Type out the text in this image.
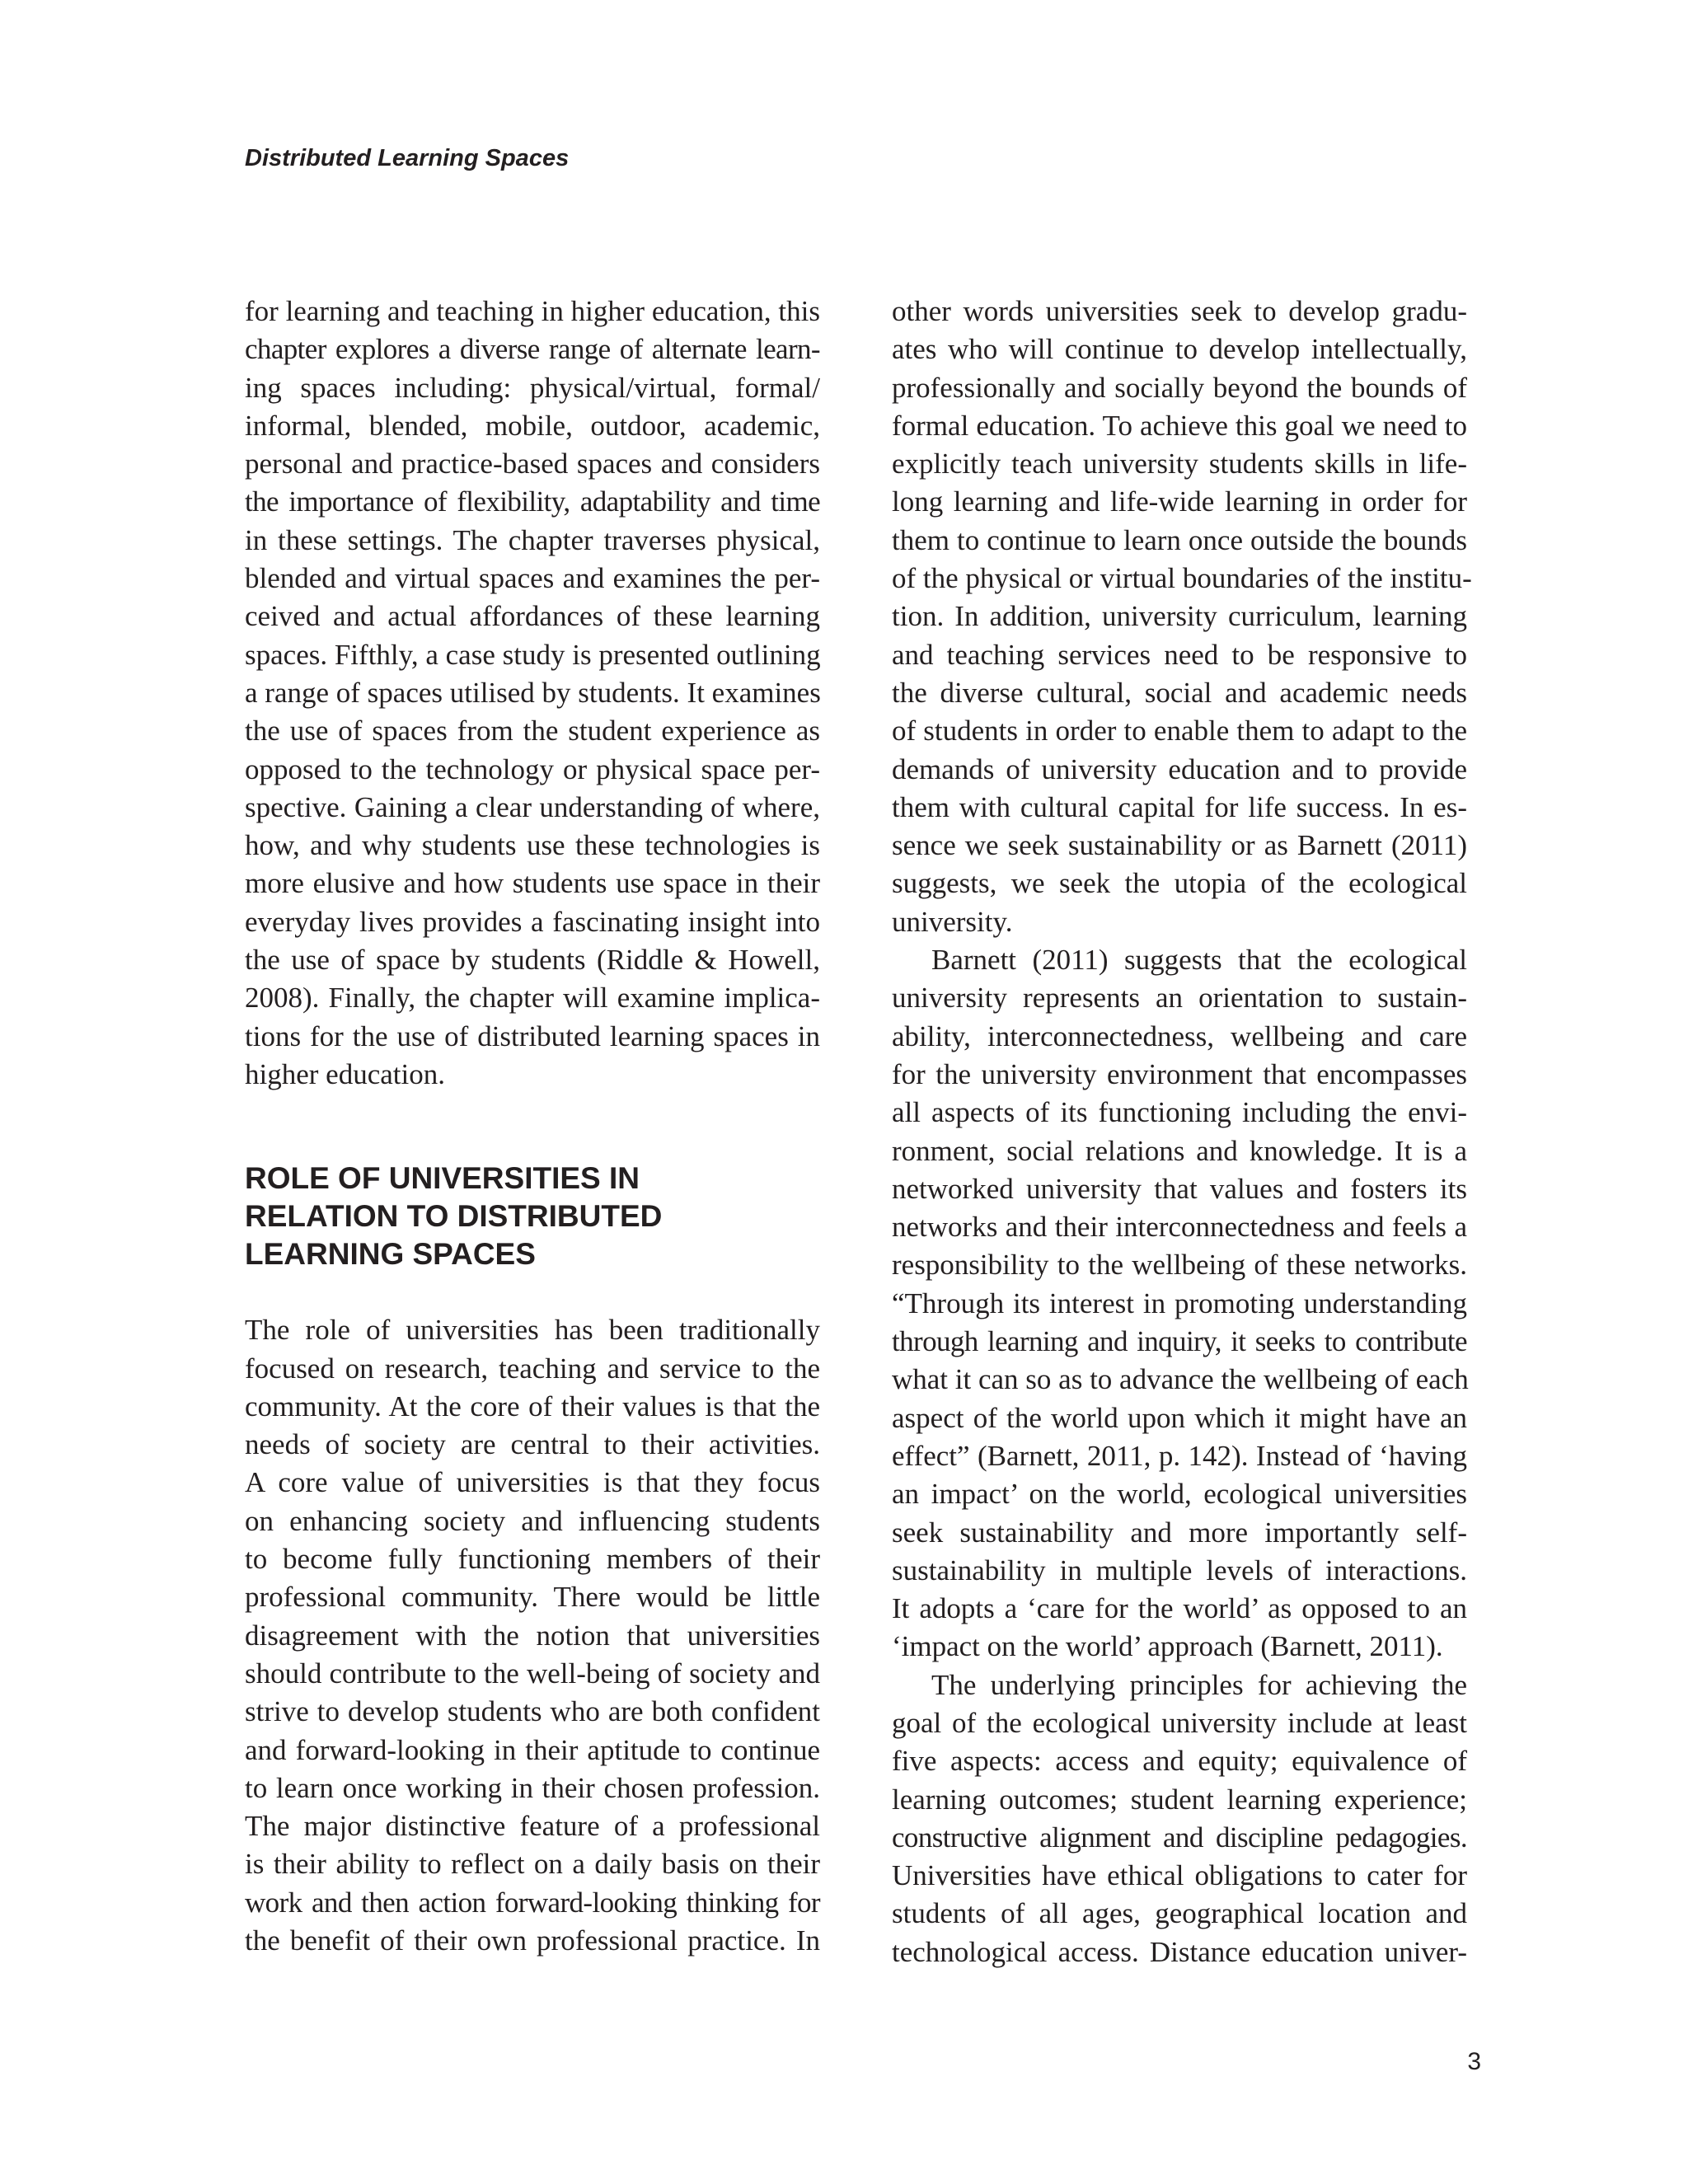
Distributed Learning Spaces
for learning and teaching in higher education, this
chapter explores a diverse range of alternate learn-
ing spaces including: physical/virtual, formal/
informal, blended, mobile, outdoor, academic,
personal and practice-based spaces and considers
the importance of flexibility, adaptability and time
in these settings. The chapter traverses physical,
blended and virtual spaces and examines the per-
ceived and actual affordances of these learning
spaces. Fifthly, a case study is presented outlining
a range of spaces utilised by students. It examines
the use of spaces from the student experience as
opposed to the technology or physical space per-
spective. Gaining a clear understanding of where,
how, and why students use these technologies is
more elusive and how students use space in their
everyday lives provides a fascinating insight into
the use of space by students (Riddle & Howell,
2008). Finally, the chapter will examine implica-
tions for the use of distributed learning spaces in
higher education.
ROLE OF UNIVERSITIES IN
RELATION TO DISTRIBUTED
LEARNING SPACES
The role of universities has been traditionally
focused on research, teaching and service to the
community. At the core of their values is that the
needs of society are central to their activities.
A core value of universities is that they focus
on enhancing society and influencing students
to become fully functioning members of their
professional community. There would be little
disagreement with the notion that universities
should contribute to the well-being of society and
strive to develop students who are both confident
and forward-looking in their aptitude to continue
to learn once working in their chosen profession.
The major distinctive feature of a professional
is their ability to reflect on a daily basis on their
work and then action forward-looking thinking for
the benefit of their own professional practice. In
other words universities seek to develop gradu-
ates who will continue to develop intellectually,
professionally and socially beyond the bounds of
formal education. To achieve this goal we need to
explicitly teach university students skills in life-
long learning and life-wide learning in order for
them to continue to learn once outside the bounds
of the physical or virtual boundaries of the institu-
tion. In addition, university curriculum, learning
and teaching services need to be responsive to
the diverse cultural, social and academic needs
of students in order to enable them to adapt to the
demands of university education and to provide
them with cultural capital for life success. In es-
sence we seek sustainability or as Barnett (2011)
suggests, we seek the utopia of the ecological
university.
Barnett (2011) suggests that the ecological
university represents an orientation to sustain-
ability, interconnectedness, wellbeing and care
for the university environment that encompasses
all aspects of its functioning including the envi-
ronment, social relations and knowledge. It is a
networked university that values and fosters its
networks and their interconnectedness and feels a
responsibility to the wellbeing of these networks.
“Through its interest in promoting understanding
through learning and inquiry, it seeks to contribute
what it can so as to advance the wellbeing of each
aspect of the world upon which it might have an
effect” (Barnett, 2011, p. 142). Instead of ‘having
an impact’ on the world, ecological universities
seek sustainability and more importantly self-
sustainability in multiple levels of interactions.
It adopts a ‘care for the world’ as opposed to an
‘impact on the world’ approach (Barnett, 2011).
The underlying principles for achieving the
goal of the ecological university include at least
five aspects: access and equity; equivalence of
learning outcomes; student learning experience;
constructive alignment and discipline pedagogies.
Universities have ethical obligations to cater for
students of all ages, geographical location and
technological access. Distance education univer-
3
